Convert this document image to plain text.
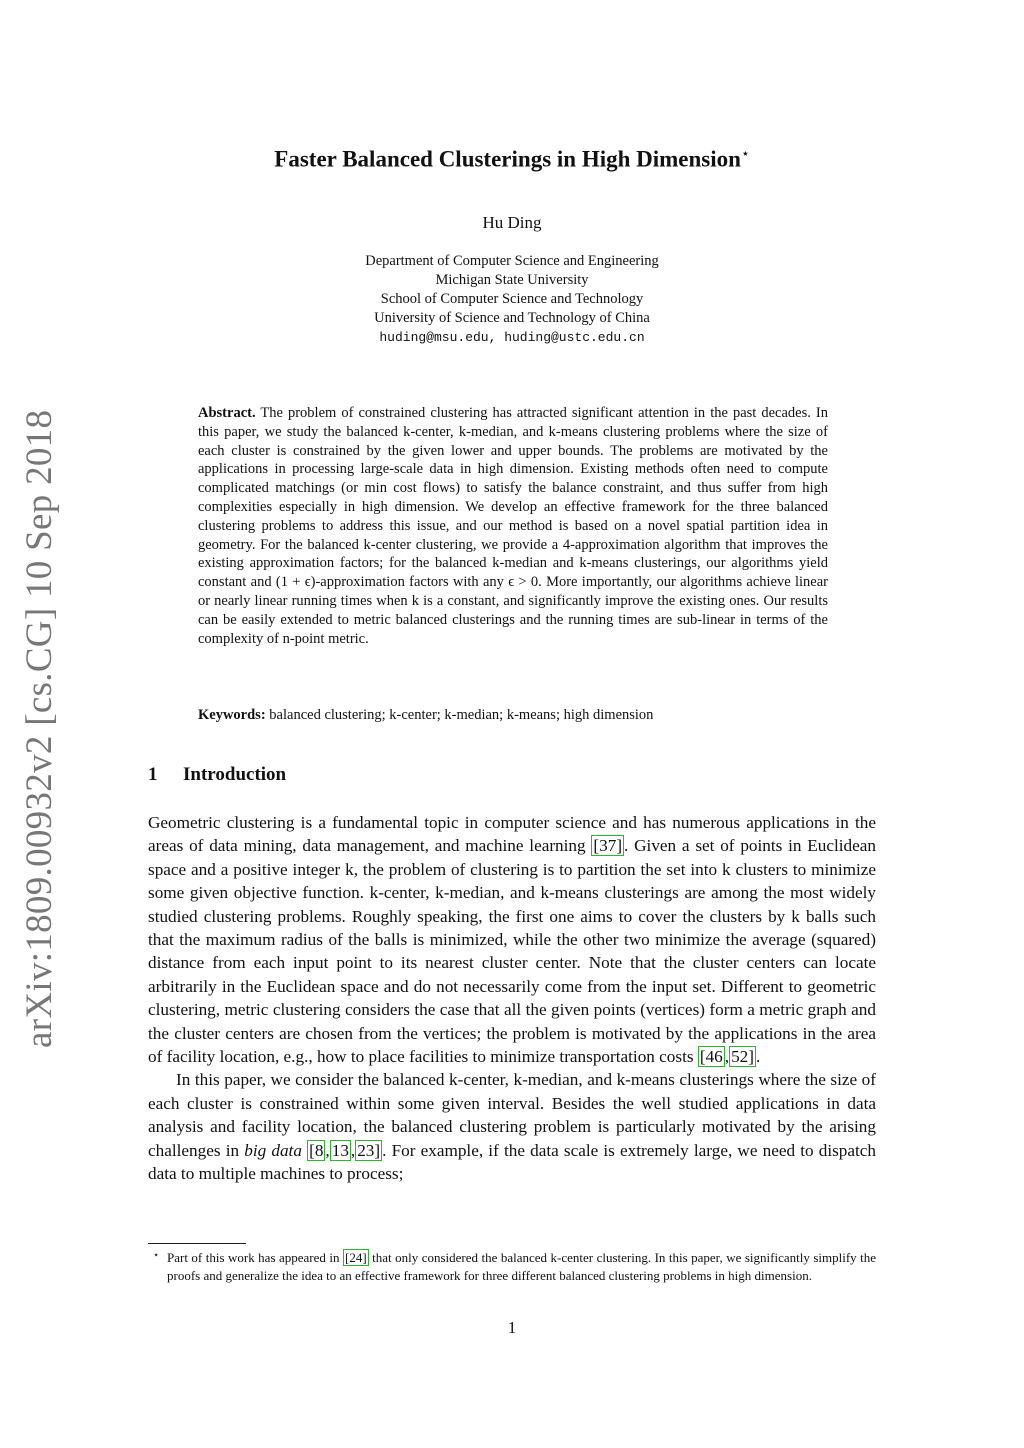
arXiv:1809.00932v2 [cs.CG] 10 Sep 2018
Faster Balanced Clusterings in High Dimension⋆
Hu Ding
Department of Computer Science and Engineering
Michigan State University
School of Computer Science and Technology
University of Science and Technology of China
huding@msu.edu, huding@ustc.edu.cn
Abstract. The problem of constrained clustering has attracted significant attention in the past decades. In this paper, we study the balanced k-center, k-median, and k-means clustering problems where the size of each cluster is constrained by the given lower and upper bounds. The problems are motivated by the applications in processing large-scale data in high dimension. Existing methods often need to compute complicated matchings (or min cost flows) to satisfy the balance constraint, and thus suffer from high complexities especially in high dimension. We develop an effective framework for the three balanced clustering problems to address this issue, and our method is based on a novel spatial partition idea in geometry. For the balanced k-center clustering, we provide a 4-approximation algorithm that improves the existing approximation factors; for the balanced k-median and k-means clusterings, our algorithms yield constant and (1 + ϵ)-approximation factors with any ϵ > 0. More importantly, our algorithms achieve linear or nearly linear running times when k is a constant, and significantly improve the existing ones. Our results can be easily extended to metric balanced clusterings and the running times are sub-linear in terms of the complexity of n-point metric.
Keywords: balanced clustering; k-center; k-median; k-means; high dimension
1 Introduction

Geometric clustering is a fundamental topic in computer science and has numerous applications in the areas of data mining, data management, and machine learning [37] . Given a set of points in Euclidean space and a positive integer k, the problem of clustering is to partition the set into k clusters to minimize some given objective function. k-center, k-median, and k-means clusterings are among the most widely studied clustering problems. Roughly speaking, the first one aims to cover the clusters by k balls such that the maximum radius of the balls is minimized, while the other two minimize the average (squared) distance from each input point to its nearest cluster center. Note that the cluster centers can locate arbitrarily in the Euclidean space and do not necessarily come from the input set. Different to geometric clustering, metric clustering considers the case that all the given points (vertices) form a metric graph and the cluster centers are chosen from the vertices; the problem is motivated by the applications in the area of facility location, e.g., how to place facilities to minimize transportation costs [46 , 52] .

In this paper, we consider the balanced k-center, k-median, and k-means clusterings where the size of each cluster is constrained within some given interval. Besides the well studied applications in data analysis and facility location, the balanced clustering problem is particularly motivated by the arising challenges in big data [8 , 13 , 23] . For example, if the data scale is extremely large, we need to dispatch data to multiple machines to process;

⋆ Part of this work has appeared in [24] that only considered the balanced k-center clustering. In this paper, we significantly simplify the proofs and generalize the idea to an effective framework for three different balanced clustering problems in high dimension.
1
